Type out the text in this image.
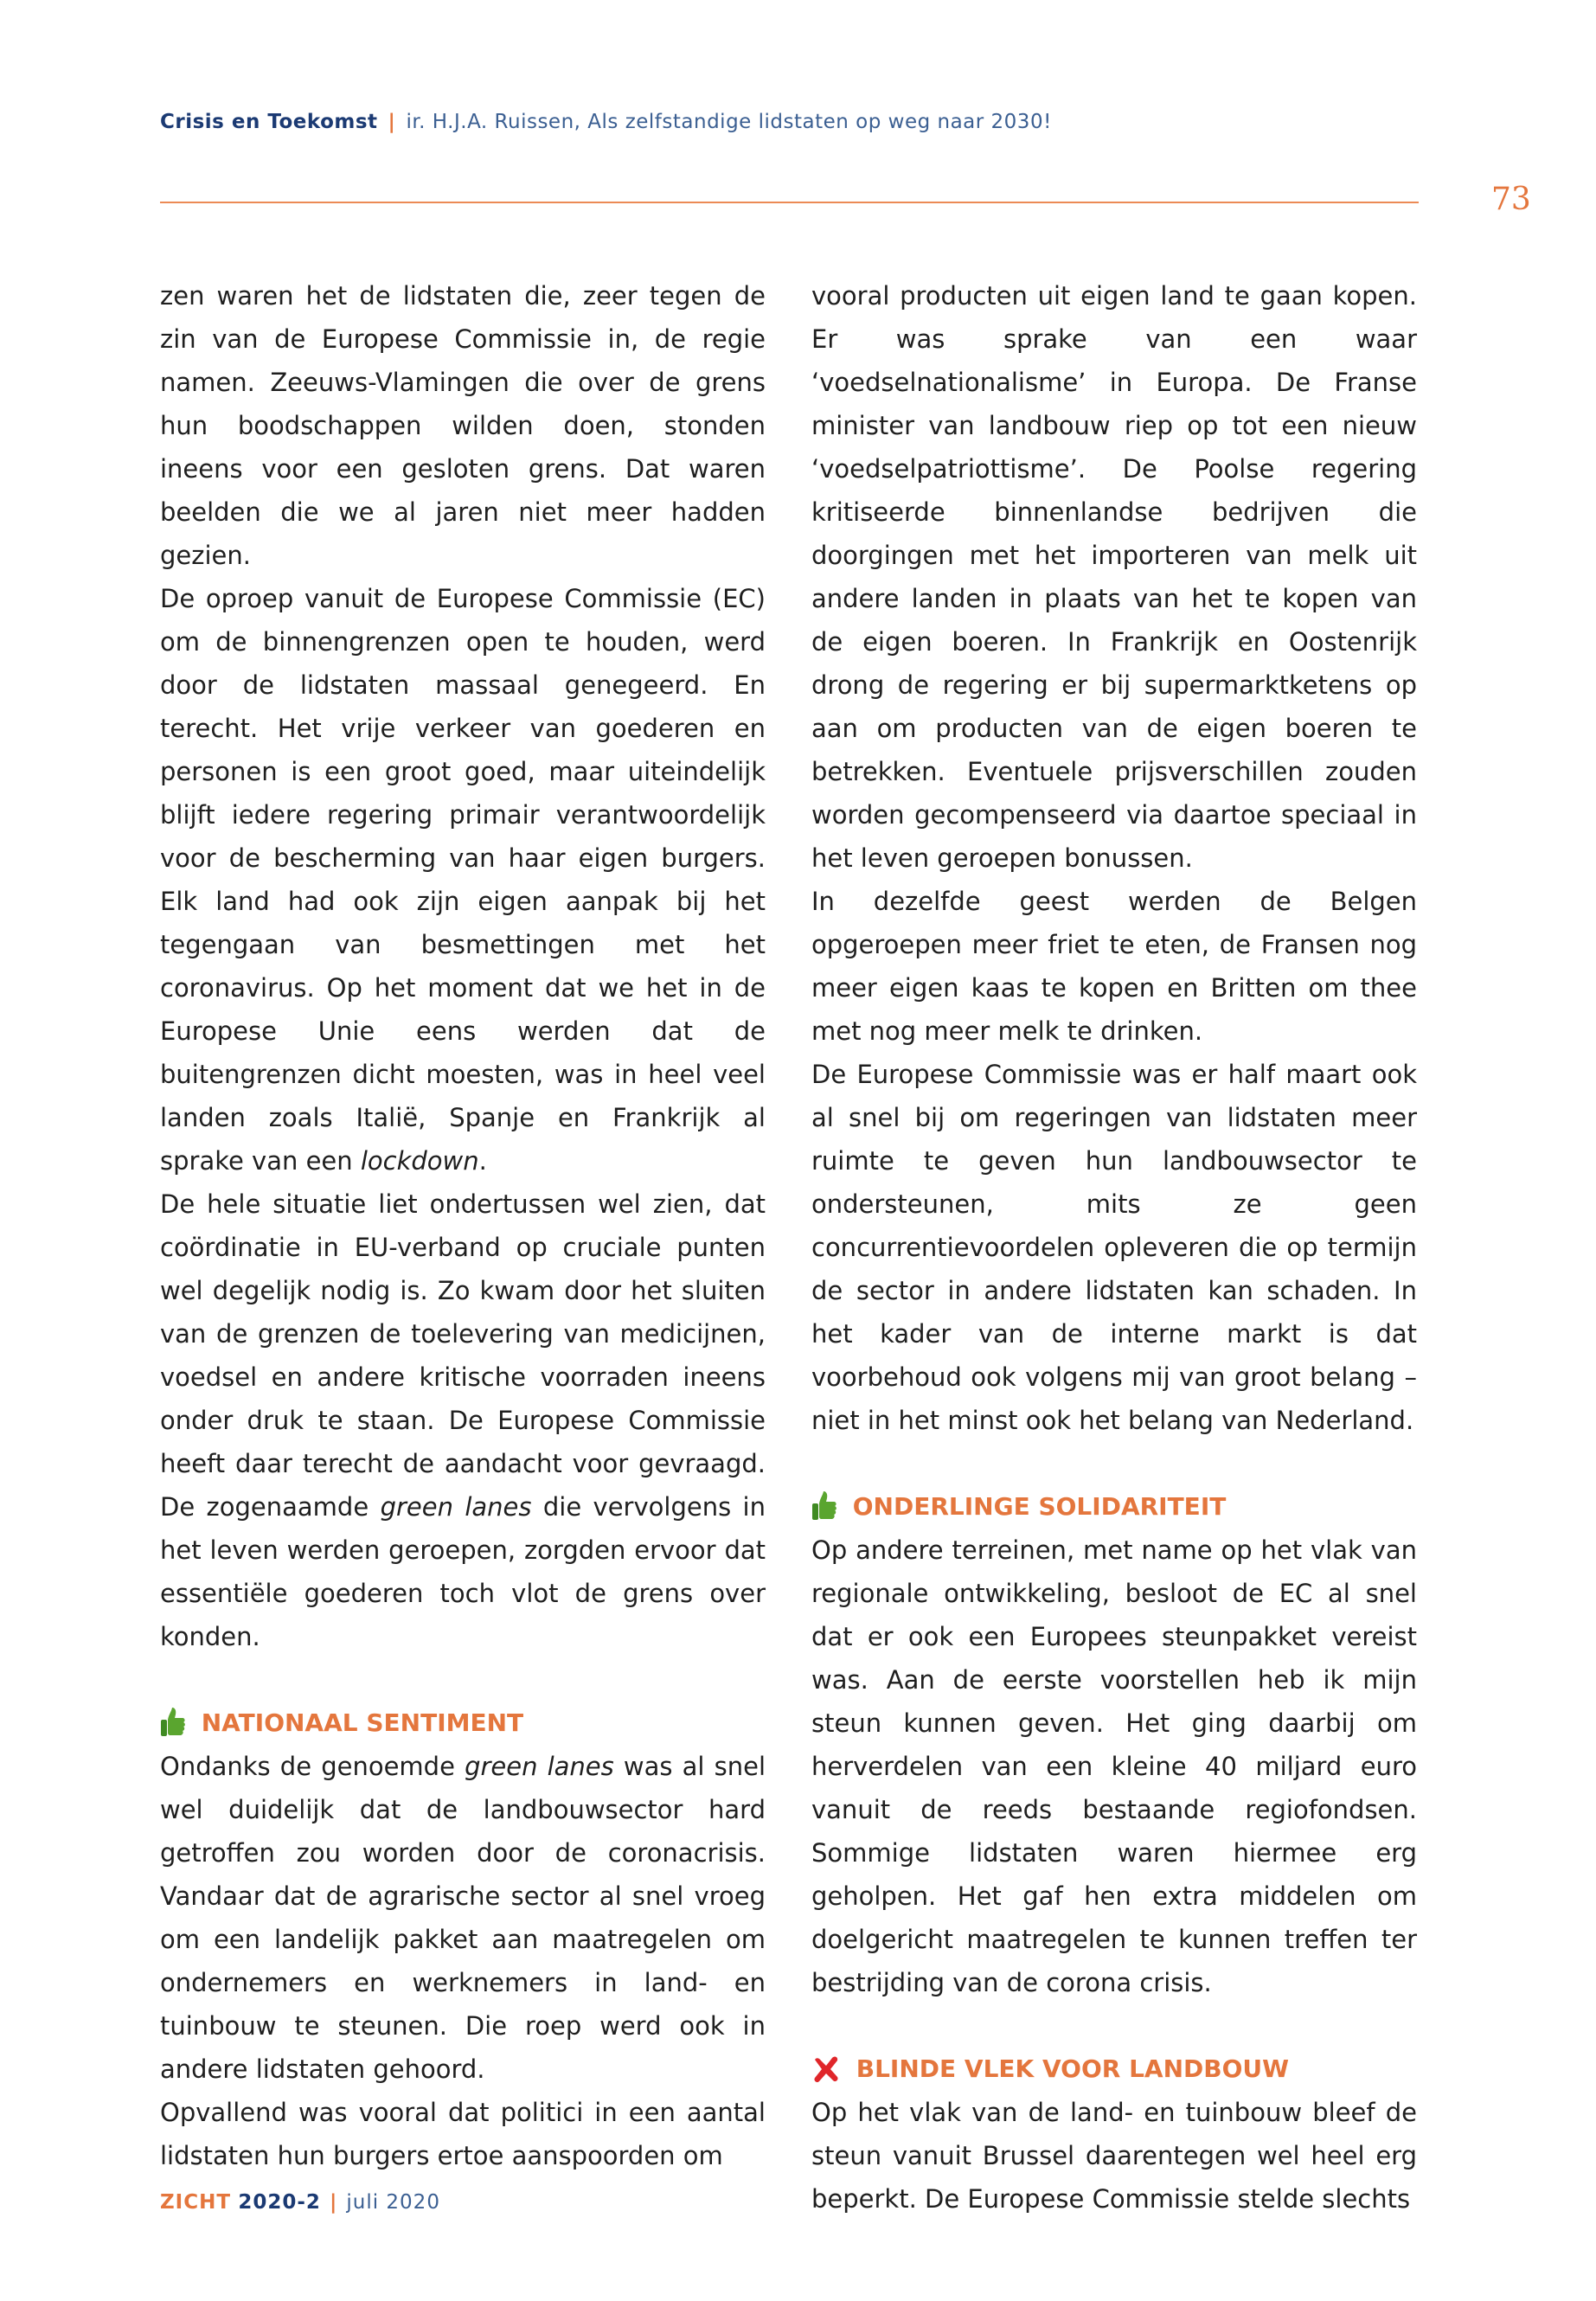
Crisis en Toekomst | ir. H.J.A. Ruissen, Als zelfstandige lidstaten op weg naar 2030!
73

zen waren het de lidstaten die, zeer tegen de zin van de Europese Commissie in, de regie namen. Zeeuws-Vlamingen die over de grens hun boodschappen wilden doen, stonden ineens voor een gesloten grens. Dat waren beelden die we al jaren niet meer hadden gezien.

De oproep vanuit de Europese Commissie (EC) om de binnengrenzen open te houden, werd door de lidstaten massaal genegeerd. En terecht. Het vrije verkeer van goederen en personen is een groot goed, maar uiteindelijk blijft iedere regering primair verantwoordelijk voor de bescherming van haar eigen burgers. Elk land had ook zijn eigen aanpak bij het tegengaan van besmettingen met het coronavirus. Op het moment dat we het in de Europese Unie eens werden dat de buitengrenzen dicht moesten, was in heel veel landen zoals Italië, Spanje en Frankrijk al sprake van een lockdown.

De hele situatie liet ondertussen wel zien, dat coördinatie in EU-verband op cruciale punten wel degelijk nodig is. Zo kwam door het sluiten van de grenzen de toelevering van medicijnen, voedsel en andere kritische voorraden ineens onder druk te staan. De Europese Commissie heeft daar terecht de aandacht voor gevraagd. De zogenaamde green lanes die vervolgens in het leven werden geroepen, zorgden ervoor dat essentiële goederen toch vlot de grens over konden.

NATIONAAL SENTIMENT

Ondanks de genoemde green lanes was al snel wel duidelijk dat de landbouwsector hard getroffen zou worden door de coronacrisis. Vandaar dat de agrarische sector al snel vroeg om een landelijk pakket aan maatregelen om ondernemers en werknemers in land- en tuinbouw te steunen. Die roep werd ook in andere lidstaten gehoord.

Opvallend was vooral dat politici in een aantal lidstaten hun burgers ertoe aanspoorden om

vooral producten uit eigen land te gaan kopen. Er was sprake van een waar ‘voedselnationalisme’ in Europa. De Franse minister van landbouw riep op tot een nieuw ‘voedselpatriottisme’. De Poolse regering kritiseerde binnenlandse bedrijven die doorgingen met het importeren van melk uit andere landen in plaats van het te kopen van de eigen boeren. In Frankrijk en Oostenrijk drong de regering er bij supermarktketens op aan om producten van de eigen boeren te betrekken. Eventuele prijsverschillen zouden worden gecompenseerd via daartoe speciaal in het leven geroepen bonussen.

In dezelfde geest werden de Belgen opgeroepen meer friet te eten, de Fransen nog meer eigen kaas te kopen en Britten om thee met nog meer melk te drinken.

De Europese Commissie was er half maart ook al snel bij om regeringen van lidstaten meer ruimte te geven hun landbouwsector te ondersteunen, mits ze geen concurrentievoordelen opleveren die op termijn de sector in andere lidstaten kan schaden. In het kader van de interne markt is dat voorbehoud ook volgens mij van groot belang – niet in het minst ook het belang van Nederland.

ONDERLINGE SOLIDARITEIT

Op andere terreinen, met name op het vlak van regionale ontwikkeling, besloot de EC al snel dat er ook een Europees steunpakket vereist was. Aan de eerste voorstellen heb ik mijn steun kunnen geven. Het ging daarbij om herverdelen van een kleine 40 miljard euro vanuit de reeds bestaande regiofondsen. Sommige lidstaten waren hiermee erg geholpen. Het gaf hen extra middelen om doelgericht maatregelen te kunnen treffen ter bestrijding van de corona crisis.

BLINDE VLEK VOOR LANDBOUW

Op het vlak van de land- en tuinbouw bleef de steun vanuit Brussel daarentegen wel heel erg beperkt. De Europese Commissie stelde slechts

ZICHT 2020-2 | juli 2020
